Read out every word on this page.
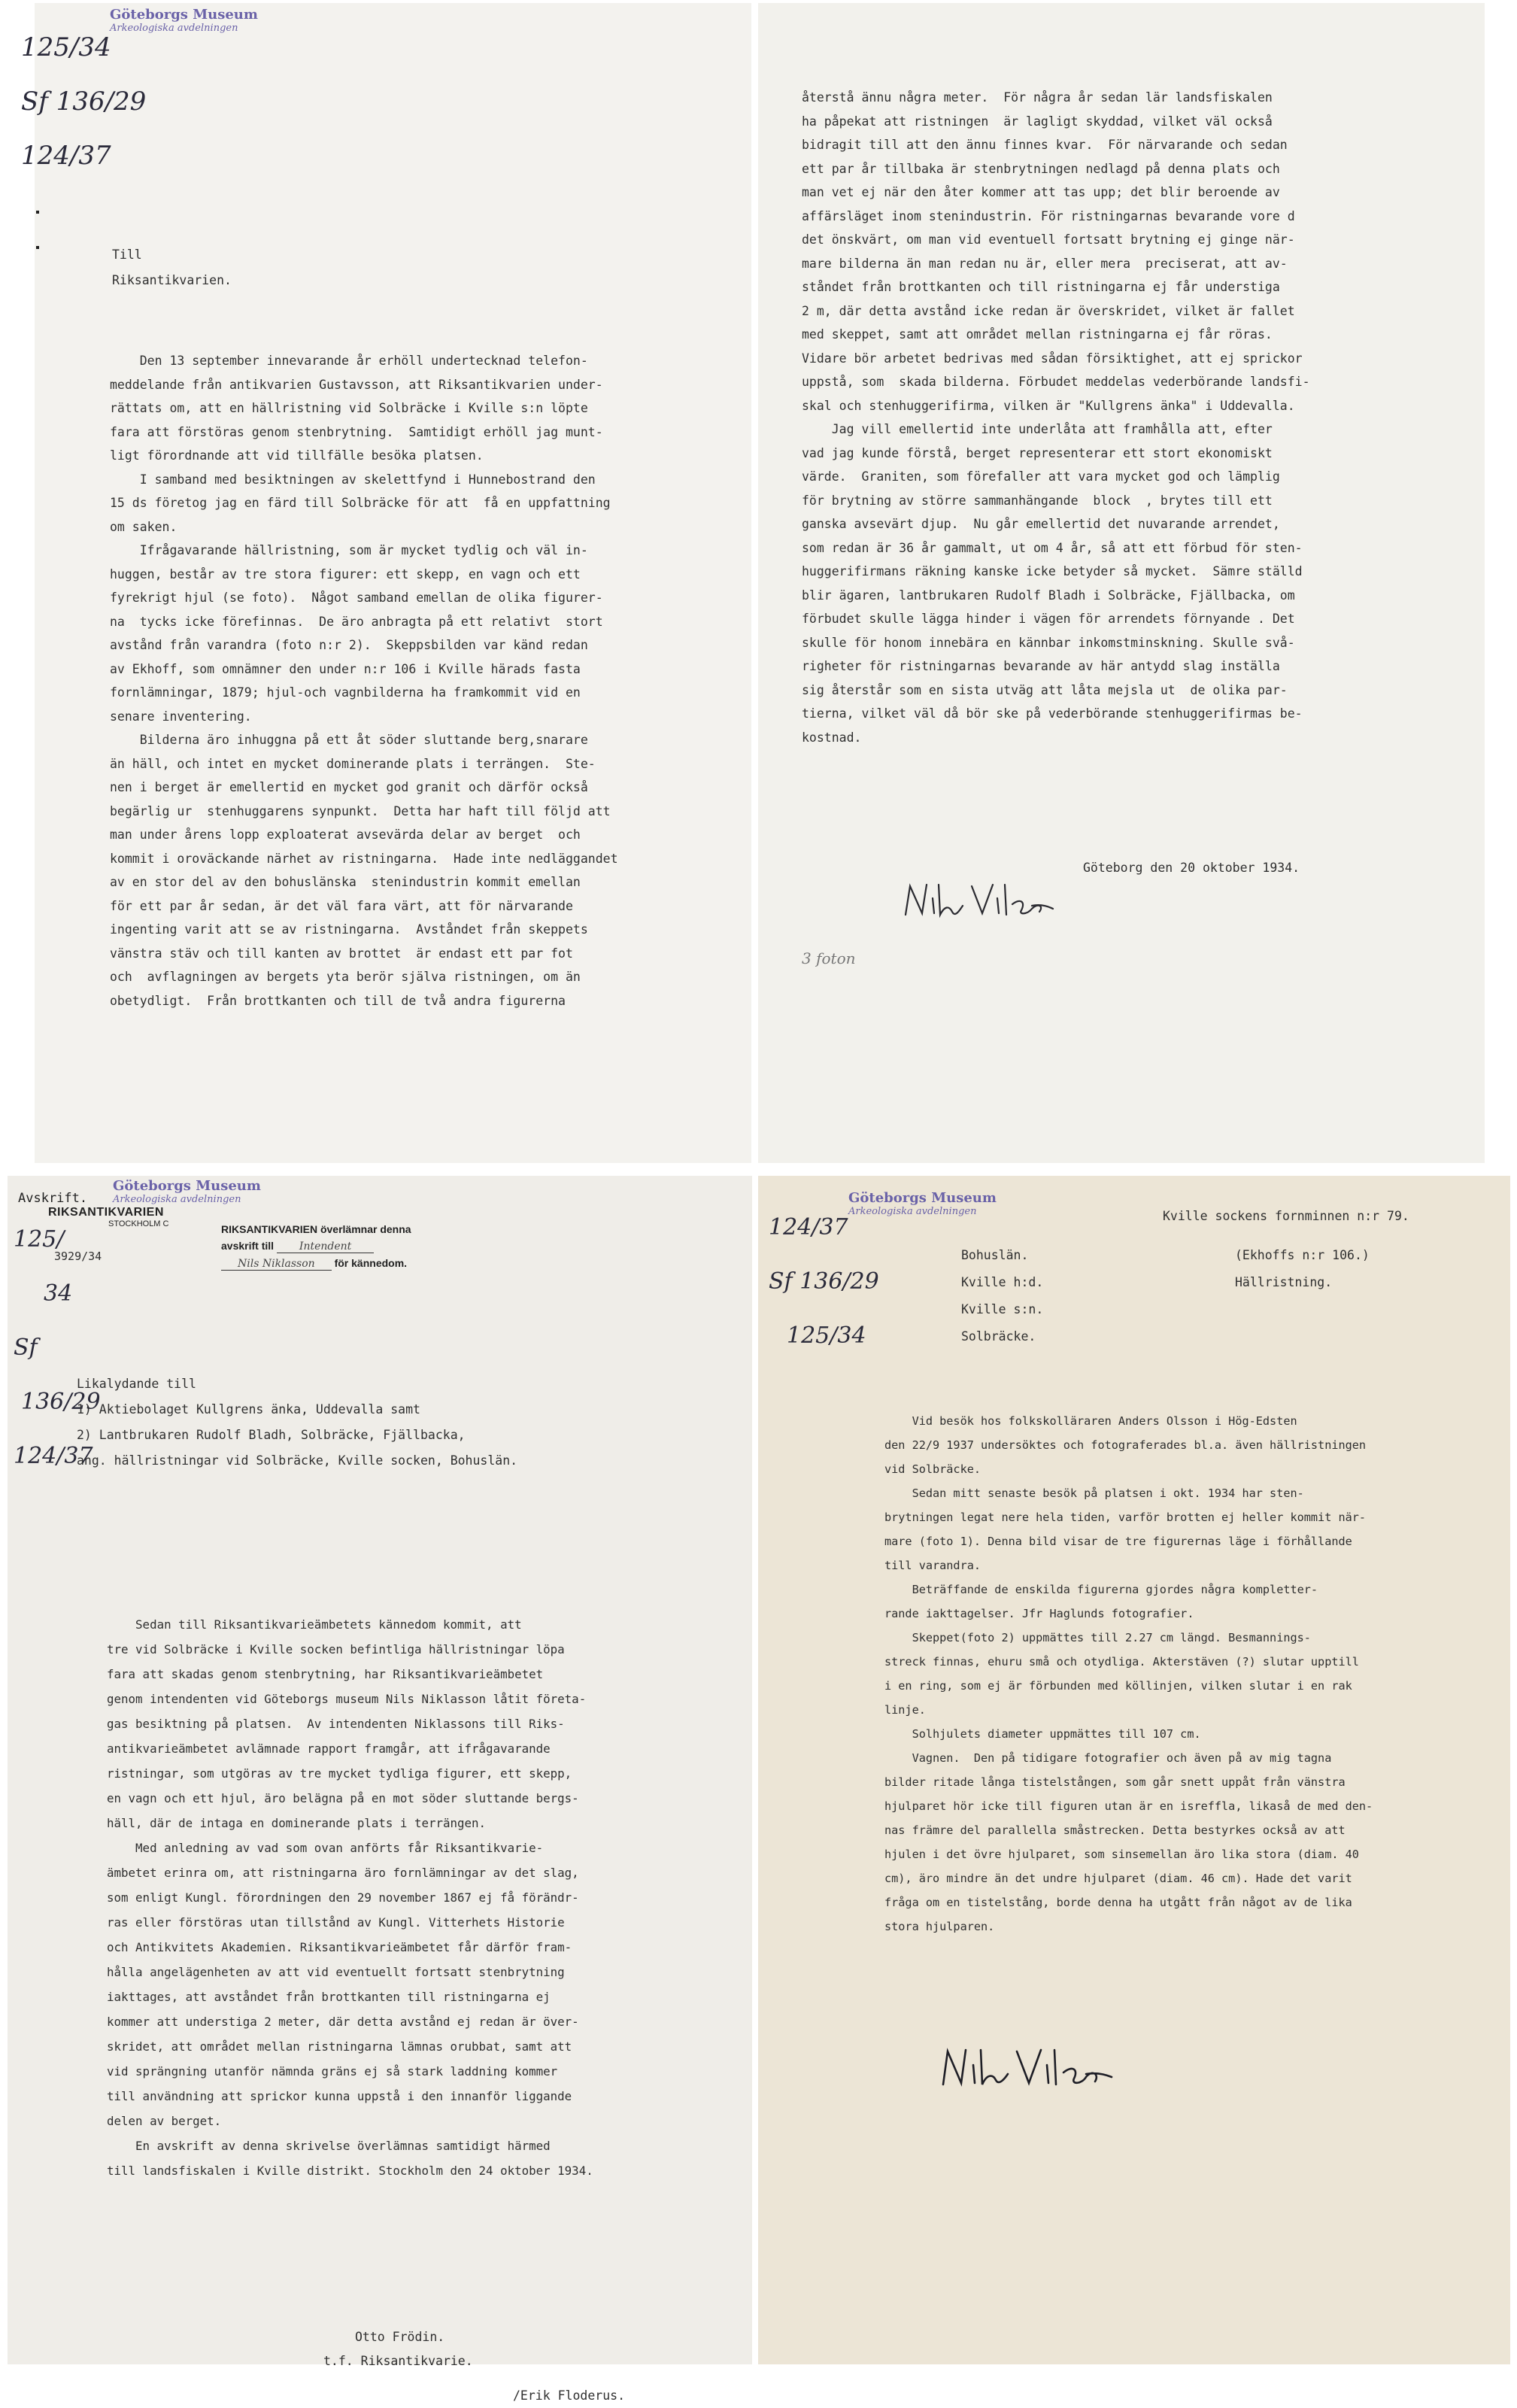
125/34

Sf 136/29

124/37

Göteborgs Museum
Arkeologiska avdelningen
Till
Riksantikvarien.
Den 13 september innevarande år erhöll undertecknad telefon-
meddelande från antikvarien Gustavsson, att Riksantikvarien under-
rättats om, att en hällristning vid Solbräcke i Kville s:n löpte
fara att förstöras genom stenbrytning.  Samtidigt erhöll jag munt-
ligt förordnande att vid tillfälle besöka platsen.
I samband med besiktningen av skelettfynd i Hunnebostrand den
15 ds företog jag en färd till Solbräcke för att  få en uppfattning
om saken.
Ifrågavarande hällristning, som är mycket tydlig och väl in-
huggen, består av tre stora figurer: ett skepp, en vagn och ett
fyrekrigt hjul (se foto).  Något samband emellan de olika figurer-
na  tycks icke förefinnas.  De äro anbragta på ett relativt  stort
avstånd från varandra (foto n:r 2).  Skeppsbilden var känd redan
av Ekhoff, som omnämner den under n:r 106 i Kville härads fasta
fornlämningar, 1879; hjul-och vagnbilderna ha framkommit vid en
senare inventering.
Bilderna äro inhuggna på ett åt söder sluttande berg,snarare
än häll, och intet en mycket dominerande plats i terrängen.  Ste-
nen i berget är emellertid en mycket god granit och därför också
begärlig ur  stenhuggarens synpunkt.  Detta har haft till följd att
man under årens lopp exploaterat avsevärda delar av berget  och
kommit i oroväckande närhet av ristningarna.  Hade inte nedläggandet
av en stor del av den bohuslänska  stenindustrin kommit emellan
för ett par år sedan, är det väl fara värt, att för närvarande
ingenting varit att se av ristningarna.  Avståndet från skeppets
vänstra stäv och till kanten av brottet  är endast ett par fot
och  avflagningen av bergets yta berör själva ristningen, om än
obetydligt.  Från brottkanten och till de två andra figurerna
återstå ännu några meter.  För några år sedan lär landsfiskalen
ha påpekat att ristningen  är lagligt skyddad, vilket väl också
bidragit till att den ännu finnes kvar.  För närvarande och sedan
ett par år tillbaka är stenbrytningen nedlagd på denna plats och
man vet ej när den åter kommer att tas upp; det blir beroende av
affärsläget inom stenindustrin. För ristningarnas bevarande vore d
det önskvärt, om man vid eventuell fortsatt brytning ej ginge när-
mare bilderna än man redan nu är, eller mera  preciserat, att av-
ståndet från brottkanten och till ristningarna ej får understiga
2 m, där detta avstånd icke redan är överskridet, vilket är fallet
med skeppet, samt att området mellan ristningarna ej får röras.
Vidare bör arbetet bedrivas med sådan försiktighet, att ej sprickor
uppstå, som  skada bilderna. Förbudet meddelas vederbörande landsfi-
skal och stenhuggerifirma, vilken är "Kullgrens änka" i Uddevalla.
Jag vill emellertid inte underlåta att framhålla att, efter
vad jag kunde förstå, berget representerar ett stort ekonomiskt
värde.  Graniten, som förefaller att vara mycket god och lämplig
för brytning av större sammanhängande  block  , brytes till ett
ganska avsevärt djup.  Nu går emellertid det nuvarande arrendet,
som redan är 36 år gammalt, ut om 4 år, så att ett förbud för sten-
huggerifirmans räkning kanske icke betyder så mycket.  Sämre ställd
blir ägaren, lantbrukaren Rudolf Bladh i Solbräcke, Fjällbacka, om
förbudet skulle lägga hinder i vägen för arrendets förnyande . Det
skulle för honom innebära en kännbar inkomstminskning. Skulle svå-
righeter för ristningarnas bevarande av här antydd slag inställa
sig återstår som en sista utväg att låta mejsla ut  de olika par-
tierna, vilket väl då bör ske på vederbörande stenhuggerifirmas be-
kostnad.
Göteborg den 20 oktober 1934.
3 foton
Avskrift.
RIKSANTIKVARIEN
STOCKHOLM C
Göteborgs Museum
Arkeologiska avdelningen

125/

34

Sf

136/29

124/37

3929/34
RIKSANTIKVARIEN överlämnar denna
avskrift till Intendent
Nils Niklasson för kännedom.
Likalydande till
1) Aktiebolaget Kullgrens änka, Uddevalla samt
2) Lantbrukaren Rudolf Bladh, Solbräcke, Fjällbacka,
ang. hällristningar vid Solbräcke, Kville socken, Bohuslän.
Sedan till Riksantikvarieämbetets kännedom kommit, att
tre vid Solbräcke i Kville socken befintliga hällristningar löpa
fara att skadas genom stenbrytning, har Riksantikvarieämbetet
genom intendenten vid Göteborgs museum Nils Niklasson låtit företa-
gas besiktning på platsen.  Av intendenten Niklassons till Riks-
antikvarieämbetet avlämnade rapport framgår, att ifrågavarande
ristningar, som utgöras av tre mycket tydliga figurer, ett skepp,
en vagn och ett hjul, äro belägna på en mot söder sluttande bergs-
häll, där de intaga en dominerande plats i terrängen.
Med anledning av vad som ovan anförts får Riksantikvarie-
ämbetet erinra om, att ristningarna äro fornlämningar av det slag,
som enligt Kungl. förordningen den 29 november 1867 ej få förändr-
ras eller förstöras utan tillstånd av Kungl. Vitterhets Historie
och Antikvitets Akademien. Riksantikvarieämbetet får därför fram-
hålla angelägenheten av att vid eventuellt fortsatt stenbrytning
iakttages, att avståndet från brottkanten till ristningarna ej
kommer att understiga 2 meter, där detta avstånd ej redan är över-
skridet, att området mellan ristningarna lämnas orubbat, samt att
vid sprängning utanför nämnda gräns ej så stark laddning kommer
till användning att sprickor kunna uppstå i den innanför liggande
delen av berget.
En avskrift av denna skrivelse överlämnas samtidigt härmed
till landsfiskalen i Kville distrikt. Stockholm den 24 oktober 1934.
Otto Frödin.
t.f. Riksantikvarie.
/Erik Floderus.

124/37

Sf 136/29

125/34

Göteborgs Museum
Arkeologiska avdelningen	Kville sockens fornminnen n:r 79.
Bohuslän.
Kville h:d.
Kville s:n.
Solbräcke.
(Ekhoffs n:r 106.)
Hällristning.
Vid besök hos folkskolläraren Anders Olsson i Hög-Edsten
den 22/9 1937 undersöktes och fotograferades bl.a. även hällristningen
vid Solbräcke.
Sedan mitt senaste besök på platsen i okt. 1934 har sten-
brytningen legat nere hela tiden, varför brotten ej heller kommit när-
mare (foto 1). Denna bild visar de tre figurernas läge i förhållande
till varandra.
Beträffande de enskilda figurerna gjordes några kompletter-
rande iakttagelser. Jfr Haglunds fotografier.
Skeppet(foto 2) uppmättes till 2.27 cm längd. Besmannings-
streck finnas, ehuru små och otydliga. Akterstäven (?) slutar upptill
i en ring, som ej är förbunden med köllinjen, vilken slutar i en rak
linje.
Solhjulets diameter uppmättes till 107 cm.
Vagnen.  Den på tidigare fotografier och även på av mig tagna
bilder ritade långa tistelstången, som går snett uppåt från vänstra
hjulparet hör icke till figuren utan är en isreffla, likaså de med den-
nas främre del parallella småstrecken. Detta bestyrkes också av att
hjulen i det övre hjulparet, som sinsemellan äro lika stora (diam. 40
cm), äro mindre än det undre hjulparet (diam. 46 cm). Hade det varit
fråga om en tistelstång, borde denna ha utgått från något av de lika
stora hjulparen.
